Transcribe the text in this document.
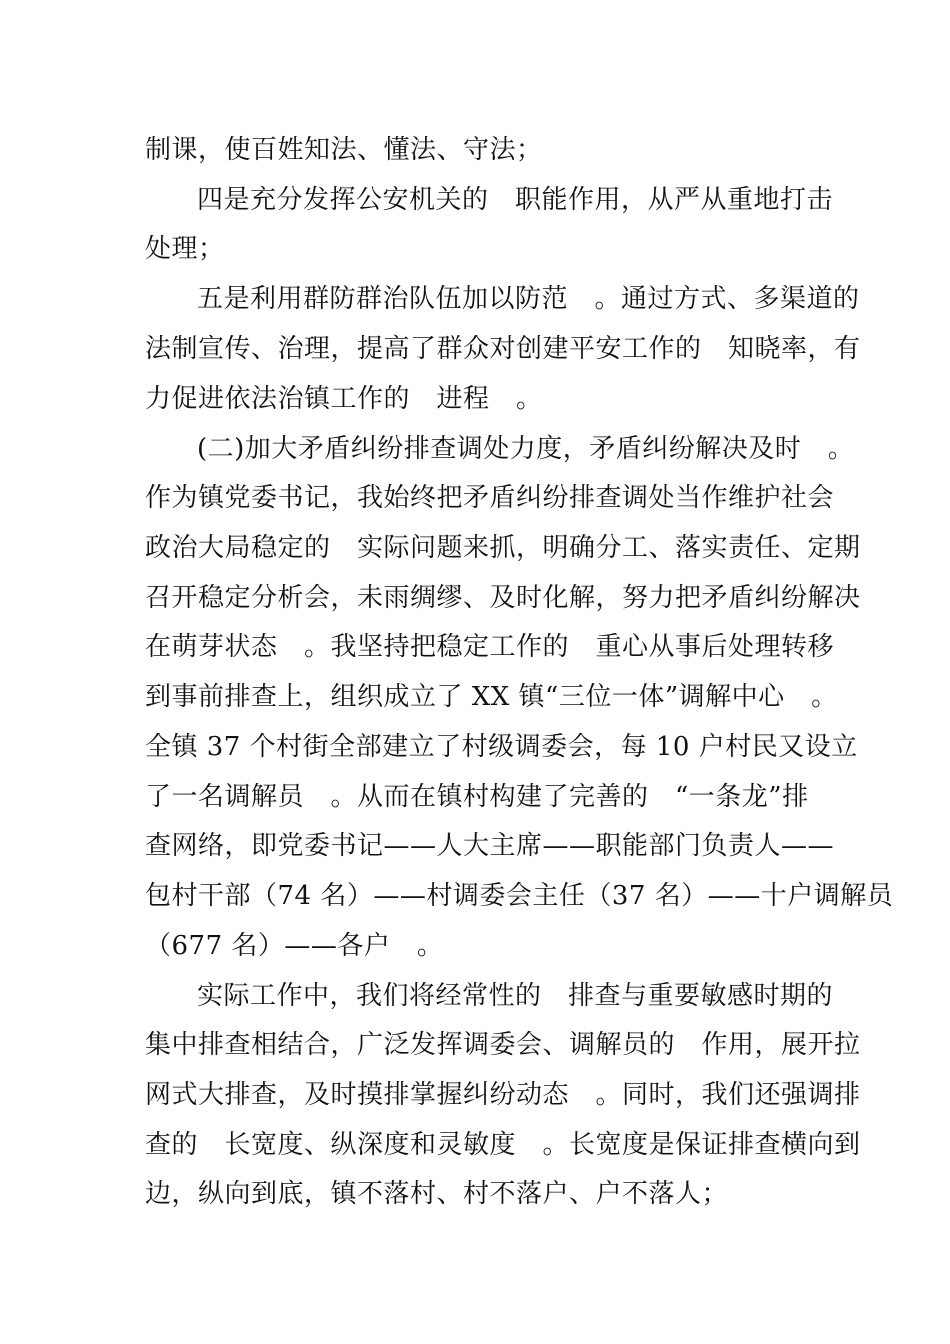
制课，使百姓知法、懂法、守法；
四是充分发挥公安机关的　职能作用，从严从重地打击
处理；
五是利用群防群治队伍加以防范　。通过方式、多渠道的
法制宣传、治理，提高了群众对创建平安工作的　知晓率，有
力促进依法治镇工作的　进程　。
(二)加大矛盾纠纷排查调处力度，矛盾纠纷解决及时　。
作为镇党委书记，我始终把矛盾纠纷排查调处当作维护社会
政治大局稳定的　实际问题来抓，明确分工、落实责任、定期
召开稳定分析会，未雨绸缪、及时化解，努力把矛盾纠纷解决
在萌芽状态　。我坚持把稳定工作的　重心从事后处理转移
到事前排查上，组织成立了 XX 镇“三位一体”调解中心　。
全镇 37 个村街全部建立了村级调委会，每 10 户村民又设立
了一名调解员　。从而在镇村构建了完善的　“一条龙”排
查网络，即党委书记——人大主席——职能部门负责人——
包村干部（74 名）——村调委会主任（37 名）——十户调解员
（677 名）——各户　。
实际工作中，我们将经常性的　排查与重要敏感时期的
集中排查相结合，广泛发挥调委会、调解员的　作用，展开拉
网式大排查，及时摸排掌握纠纷动态　。同时，我们还强调排
查的　长宽度、纵深度和灵敏度　。长宽度是保证排查横向到
边，纵向到底，镇不落村、村不落户、户不落人；
